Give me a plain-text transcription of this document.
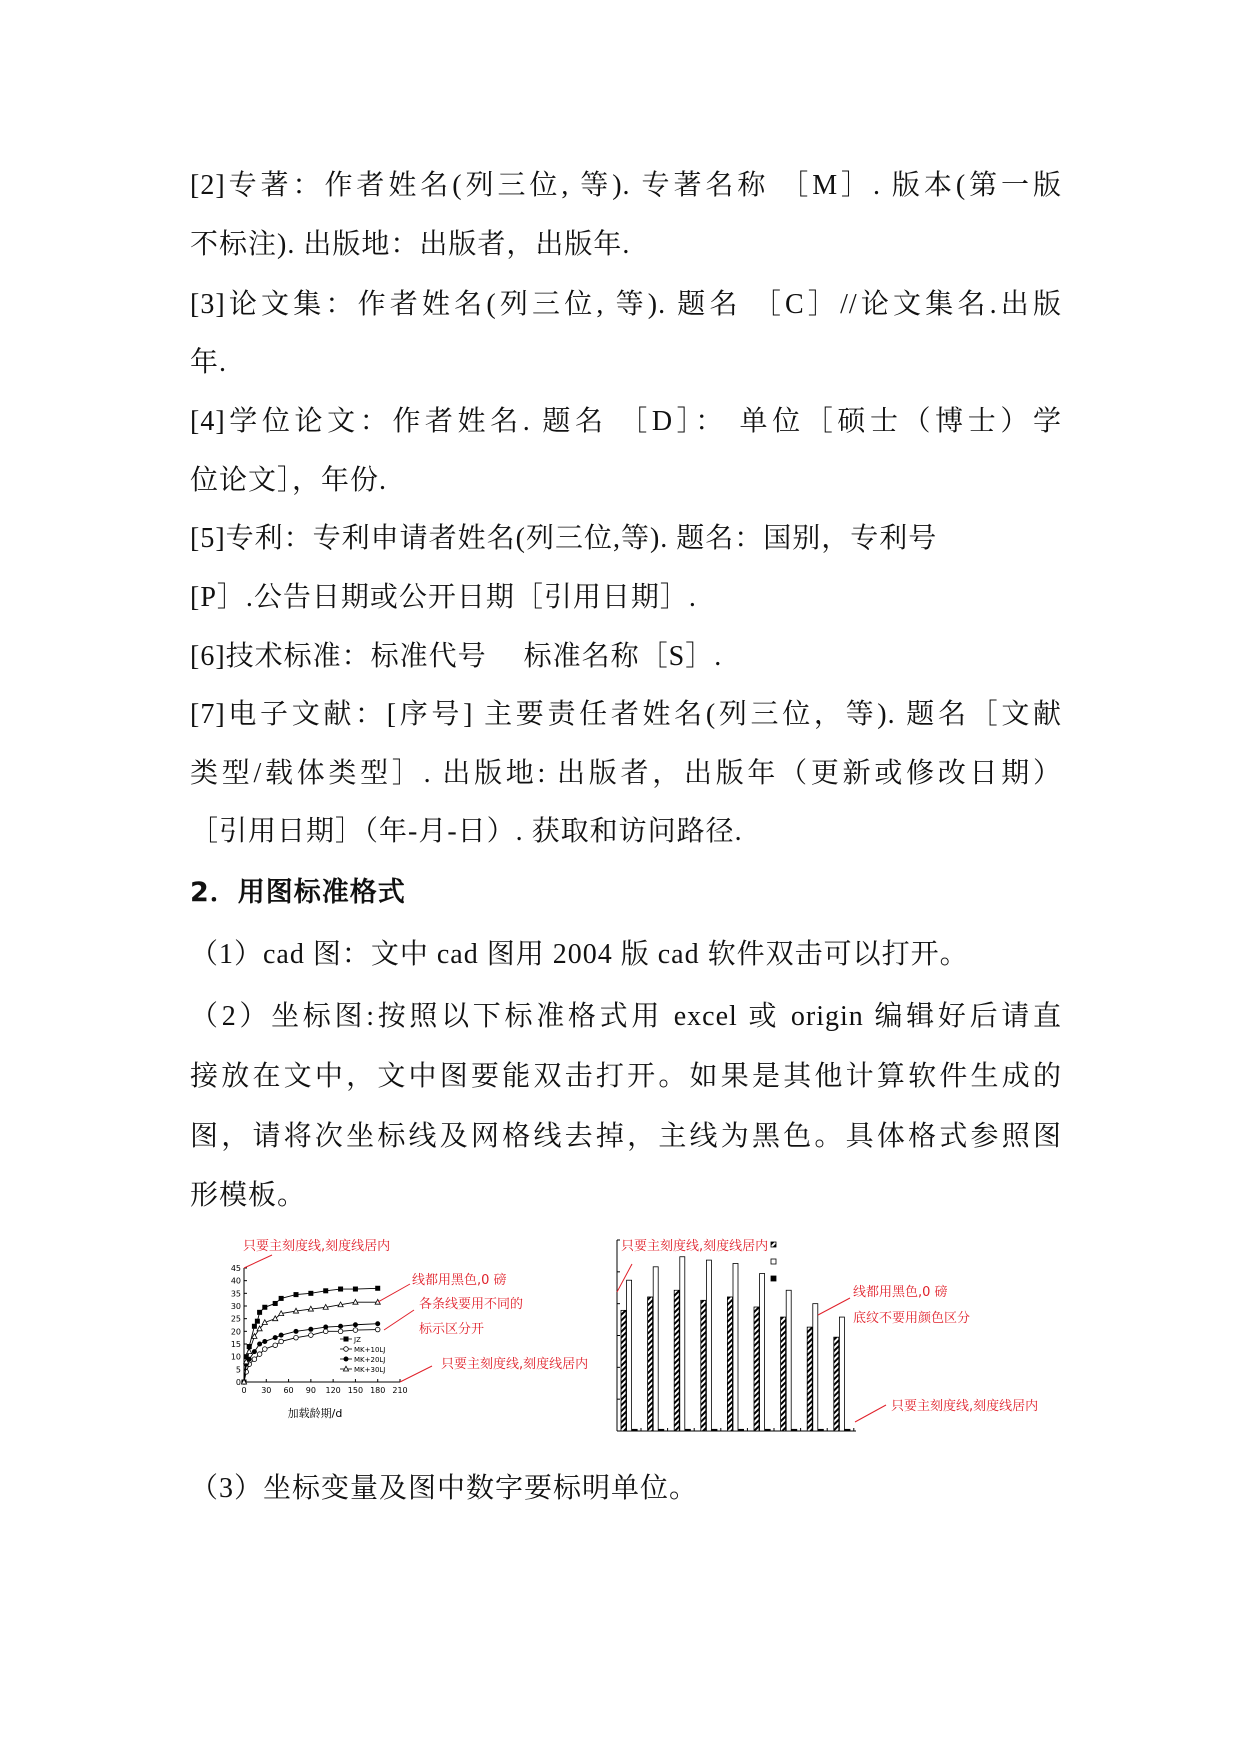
[2]专著：作者姓名(列三位, 等). 专著名称 ［M］. 版本(第一版
不标注). 出版地：出版者，出版年.
[3]论文集：作者姓名(列三位, 等). 题名 ［C］//论文集名.出版
年.
[4]学位论文：作者姓名. 题名 ［D］： 单位［硕士（博士）学
位论文］，年份.
[5]专利：专利申请者姓名(列三位,等). 题名：国别，专利号
[P］.公告日期或公开日期［引用日期］.
[6]技术标准：标准代号　 标准名称［S］.
[7]电子文献：[序号] 主要责任者姓名(列三位，等). 题名［文献
类型/载体类型］. 出版地: 出版者，出版年（更新或修改日期）
［引用日期］（年-月-日）. 获取和访问路径.
2．用图标准格式
（1）cad 图：文中 cad 图用 2004 版 cad 软件双击可以打开。
（2）坐标图:按照以下标准格式用 excel 或 origin 编辑好后请直
接放在文中，文中图要能双击打开。如果是其他计算软件生成的
图，请将次坐标线及网格线去掉，主线为黑色。具体格式参照图
形模板。
0
5
10
15
20
25
30
35
40
45
0 30 60 90 120 150 180 210
加载龄期/d
JZ
MK+10LJ
MK+20LJ
MK+30LJ
只要主刻度线,刻度线居内
线都用黑色,0 磅
各条线要用不同的
标示区分开
只要主刻度线,刻度线居内
只要主刻度线,刻度线居内
线都用黑色,0 磅
底纹不要用颜色区分
只要主刻度线,刻度线居内
（3）坐标变量及图中数字要标明单位。
